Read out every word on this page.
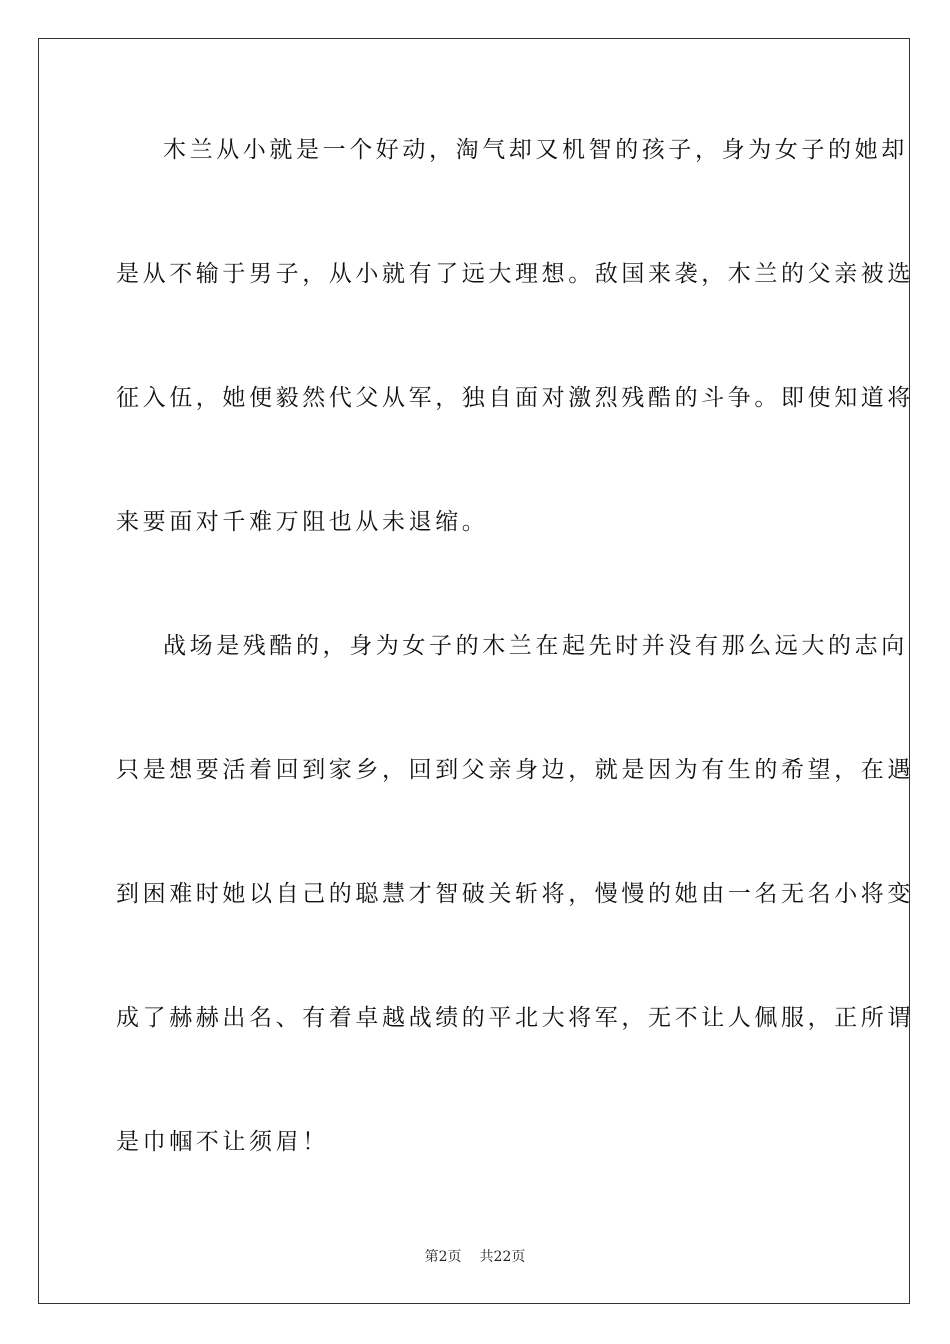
木兰从小就是一个好动，淘气却又机智的孩子，身为女子的她却
是从不输于男子，从小就有了远大理想。敌国来袭，木兰的父亲被选
征入伍，她便毅然代父从军，独自面对激烈残酷的斗争。即使知道将
来要面对千难万阻也从未退缩。
战场是残酷的，身为女子的木兰在起先时并没有那么远大的志向
只是想要活着回到家乡，回到父亲身边，就是因为有生的希望，在遇
到困难时她以自己的聪慧才智破关斩将，慢慢的她由一名无名小将变
成了赫赫出名、有着卓越战绩的平北大将军，无不让人佩服，正所谓
是巾帼不让须眉！
第2页 共22页
